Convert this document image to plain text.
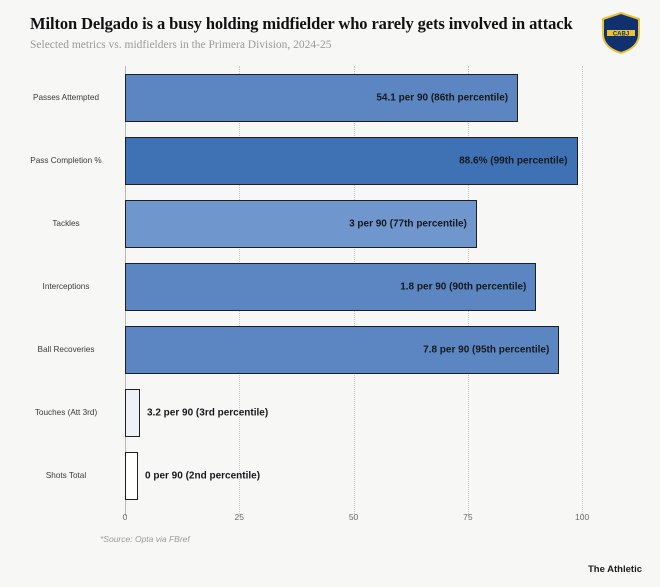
Milton Delgado is a busy holding midfielder who rarely gets involved in attack

Selected metrics vs. midfielders in the Primera Division, 2024-25

CABJ
Passes Attempted	54.1 per 90 (86th percentile)
Pass Completion %	88.6% (99th percentile)
Tackles	3 per 90 (77th percentile)
Interceptions	1.8 per 90 (90th percentile)
Ball Recoveries	7.8 per 90 (95th percentile)
Touches (Att 3rd)	3.2 per 90 (3rd percentile)
Shots Total	0 per 90 (2nd percentile)
0	25	50	75	100
*Source: Opta via FBref
The Athletic
